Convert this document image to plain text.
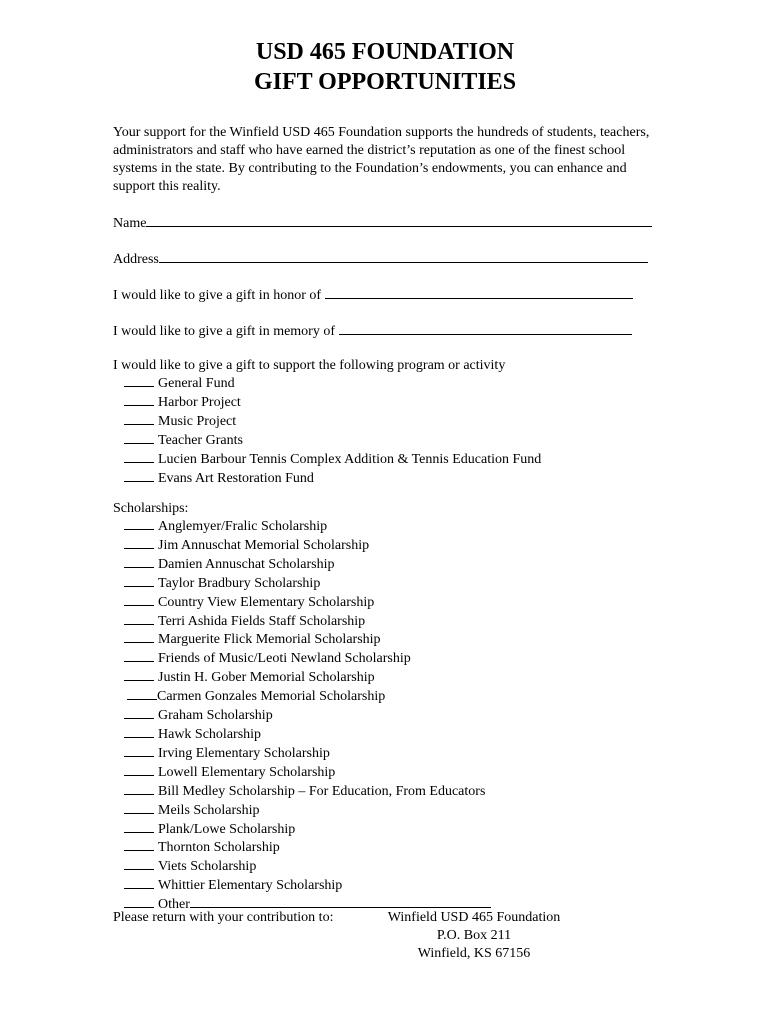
USD 465 FOUNDATION
GIFT OPPORTUNITIES

Your support for the Winfield USD 465 Foundation supports the hundreds of students, teachers, administrators and staff who have earned the district’s reputation as one of the finest school systems in the state. By contributing to the Foundation’s endowments, you can enhance and support this reality.

Name
Address
I would like to give a gift in honor of
I would like to give a gift in memory of

I would like to give a gift to support the following program or activity

General Fund
Harbor Project
Music Project
Teacher Grants
Lucien Barbour Tennis Complex Addition & Tennis Education Fund
Evans Art Restoration Fund

Scholarships:

Anglemyer/Fralic Scholarship
Jim Annuschat Memorial Scholarship
Damien Annuschat Scholarship
Taylor Bradbury Scholarship
Country View Elementary Scholarship
Terri Ashida Fields Staff Scholarship
Marguerite Flick Memorial Scholarship
Friends of Music/Leoti Newland Scholarship
Justin H. Gober Memorial Scholarship
Carmen Gonzales Memorial Scholarship
Graham Scholarship
Hawk Scholarship
Irving Elementary Scholarship
Lowell Elementary Scholarship
Bill Medley Scholarship – For Education, From Educators
Meils Scholarship
Plank/Lowe Scholarship
Thornton Scholarship
Viets Scholarship
Whittier Elementary Scholarship
Other

Please return with your contribution to:	Winfield USD 465 Foundation
P.O. Box 211
Winfield, KS 67156
